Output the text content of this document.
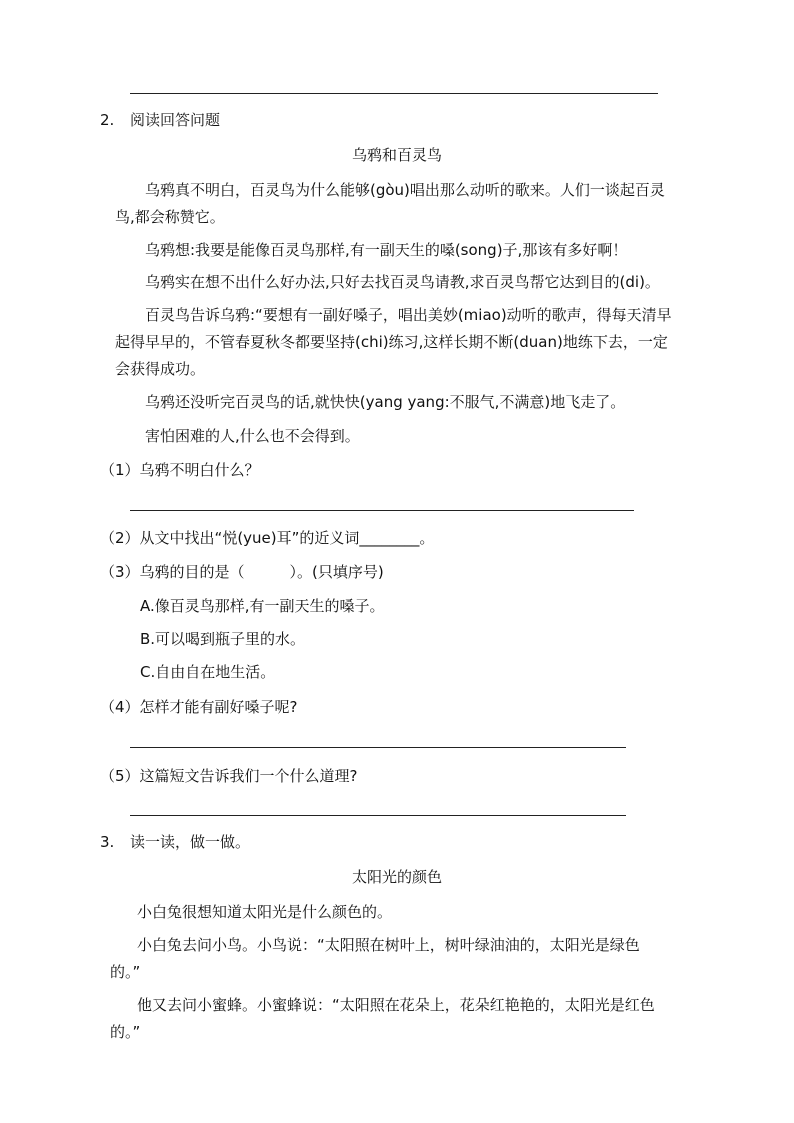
2. 阅读回答问题
乌鸦和百灵鸟
乌鸦真不明白，百灵鸟为什么能够(gòu)唱出那么动听的歌来。人们一谈起百灵
鸟,都会称赞它。
乌鸦想:我要是能像百灵鸟那样,有一副天生的嗓(song)子,那该有多好啊！
乌鸦实在想不出什么好办法,只好去找百灵鸟请教,求百灵鸟帮它达到目的(di)。
百灵鸟告诉乌鸦:“要想有一副好嗓子，唱出美妙(miao)动听的歌声，得每天清早
起得早早的，不管春夏秋冬都要坚持(chi)练习,这样长期不断(duan)地练下去，一定
会获得成功。
乌鸦还没听完百灵鸟的话,就快快(yang yang:不服气,不满意)地飞走了。
害怕困难的人,什么也不会得到。
（1）乌鸦不明白什么？
（2）从文中找出“悦(yue)耳”的近义词________。
（3）乌鸦的目的是（　　　）。(只填序号)
A.像百灵鸟那样,有一副天生的嗓子。
B.可以喝到瓶子里的水。
C.自由自在地生活。
（4）怎样才能有副好嗓子呢?
（5）这篇短文告诉我们一个什么道理?
3. 读一读，做一做。
太阳光的颜色
小白兔很想知道太阳光是什么颜色的。
小白兔去问小鸟。小鸟说：“太阳照在树叶上，树叶绿油油的，太阳光是绿色
的。”
他又去问小蜜蜂。小蜜蜂说：“太阳照在花朵上，花朵红艳艳的，太阳光是红色
的。”
